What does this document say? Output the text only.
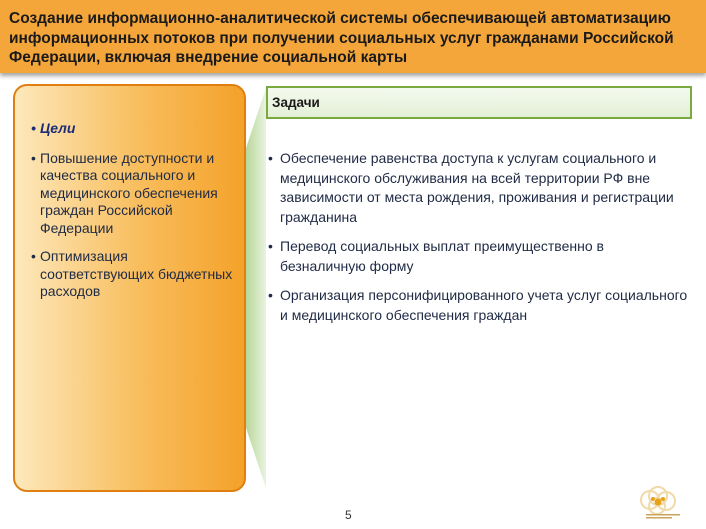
Создание информационно-аналитической системы обеспечивающей автоматизацию информационных потоков при получении социальных услуг гражданами Российской Федерации, включая внедрение социальной карты
• Цели
• Повышение доступности и качества социального и медицинского обеспечения граждан Российской Федерации
• Оптимизация соответствующих бюджетных расходов
Задачи
• Обеспечение равенства доступа к услугам социального и медицинского обслуживания на всей территории РФ вне зависимости от места рождения, проживания и регистрации гражданина
• Перевод социальных выплат преимущественно в безналичную форму
• Организация персонифицированного учета услуг социального и медицинского обеспечения граждан
5
